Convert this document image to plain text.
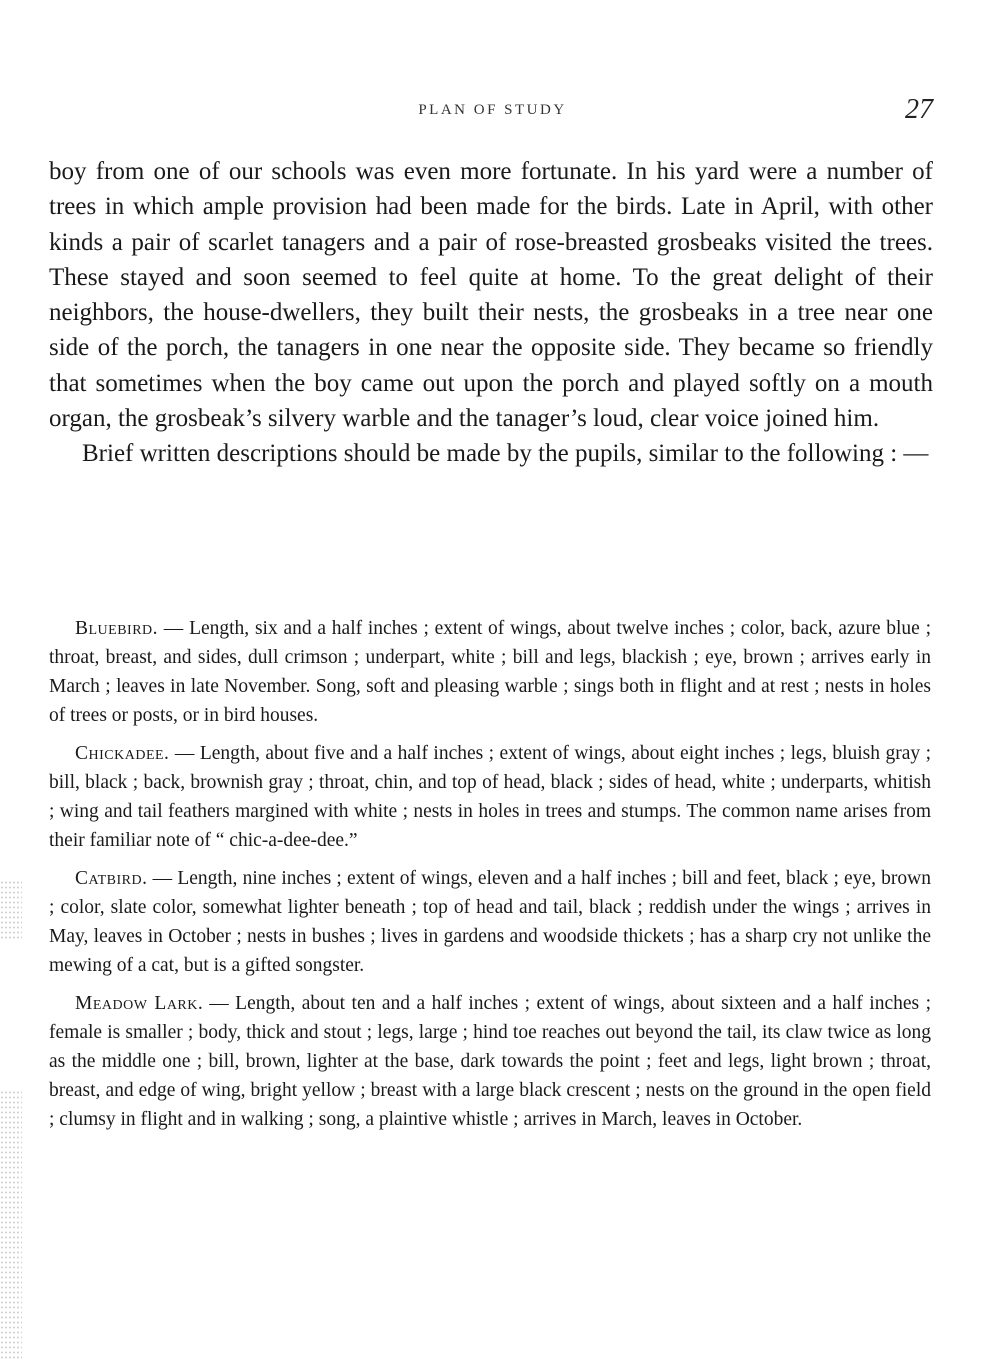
PLAN OF STUDY	27

boy from one of our schools was even more fortunate. In his yard were a number of trees in which ample provision had been made for the birds. Late in April, with other kinds a pair of scarlet tanagers and a pair of rose-breasted grosbeaks visited the trees. These stayed and soon seemed to feel quite at home. To the great delight of their neighbors, the house-dwellers, they built their nests, the grosbeaks in a tree near one side of the porch, the tanagers in one near the opposite side. They became so friendly that sometimes when the boy came out upon the porch and played softly on a mouth organ, the grosbeak’s silvery warble and the tanager’s loud, clear voice joined him.

Brief written descriptions should be made by the pupils, similar to the following : —

Bluebird. — Length, six and a half inches ; extent of wings, about twelve inches ; color, back, azure blue ; throat, breast, and sides, dull crimson ; underpart, white ; bill and legs, blackish ; eye, brown ; arrives early in March ; leaves in late November. Song, soft and pleasing warble ; sings both in flight and at rest ; nests in holes of trees or posts, or in bird houses.

Chickadee. — Length, about five and a half inches ; extent of wings, about eight inches ; legs, bluish gray ; bill, black ; back, brownish gray ; throat, chin, and top of head, black ; sides of head, white ; underparts, whitish ; wing and tail feathers margined with white ; nests in holes in trees and stumps. The common name arises from their familiar note of “ chic-a-dee-dee.”

Catbird. — Length, nine inches ; extent of wings, eleven and a half inches ; bill and feet, black ; eye, brown ; color, slate color, somewhat lighter beneath ; top of head and tail, black ; reddish under the wings ; arrives in May, leaves in October ; nests in bushes ; lives in gardens and woodside thickets ; has a sharp cry not unlike the mewing of a cat, but is a gifted songster.

Meadow Lark. — Length, about ten and a half inches ; extent of wings, about sixteen and a half inches ; female is smaller ; body, thick and stout ; legs, large ; hind toe reaches out beyond the tail, its claw twice as long as the middle one ; bill, brown, lighter at the base, dark towards the point ; feet and legs, light brown ; throat, breast, and edge of wing, bright yellow ; breast with a large black crescent ; nests on the ground in the open field ; clumsy in flight and in walking ; song, a plaintive whistle ; arrives in March, leaves in October.
